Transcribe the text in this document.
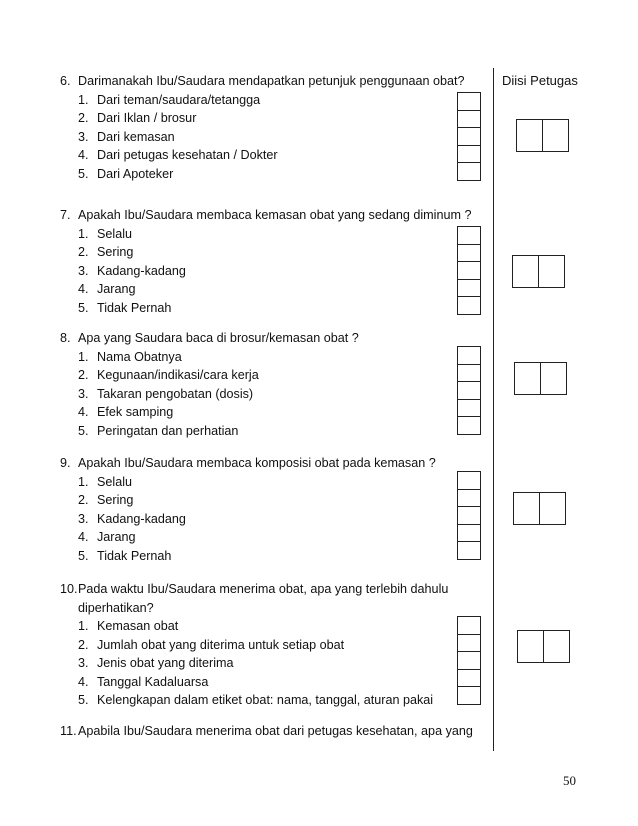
Diisi Petugas
6. Darimanakah Ibu/Saudara mendapatkan petunjuk penggunaan obat?
1. Dari teman/saudara/tetangga
2. Dari Iklan / brosur
3. Dari kemasan
4. Dari petugas kesehatan / Dokter
5. Dari Apoteker
7. Apakah Ibu/Saudara membaca kemasan obat yang sedang diminum ?
1. Selalu
2. Sering
3. Kadang-kadang
4. Jarang
5. Tidak Pernah
8. Apa yang Saudara baca di brosur/kemasan obat ?
1. Nama Obatnya
2. Kegunaan/indikasi/cara kerja
3. Takaran pengobatan (dosis)
4. Efek samping
5. Peringatan dan perhatian
9. Apakah Ibu/Saudara membaca komposisi obat pada kemasan ?
1. Selalu
2. Sering
3. Kadang-kadang
4. Jarang
5. Tidak Pernah
10. Pada waktu Ibu/Saudara menerima obat, apa yang terlebih dahulu
diperhatikan?
1. Kemasan obat
2. Jumlah obat yang diterima untuk setiap obat
3. Jenis obat yang diterima
4. Tanggal Kadaluarsa
5. Kelengkapan dalam etiket obat: nama, tanggal, aturan pakai
11. Apabila Ibu/Saudara menerima obat dari petugas kesehatan, apa yang
50
